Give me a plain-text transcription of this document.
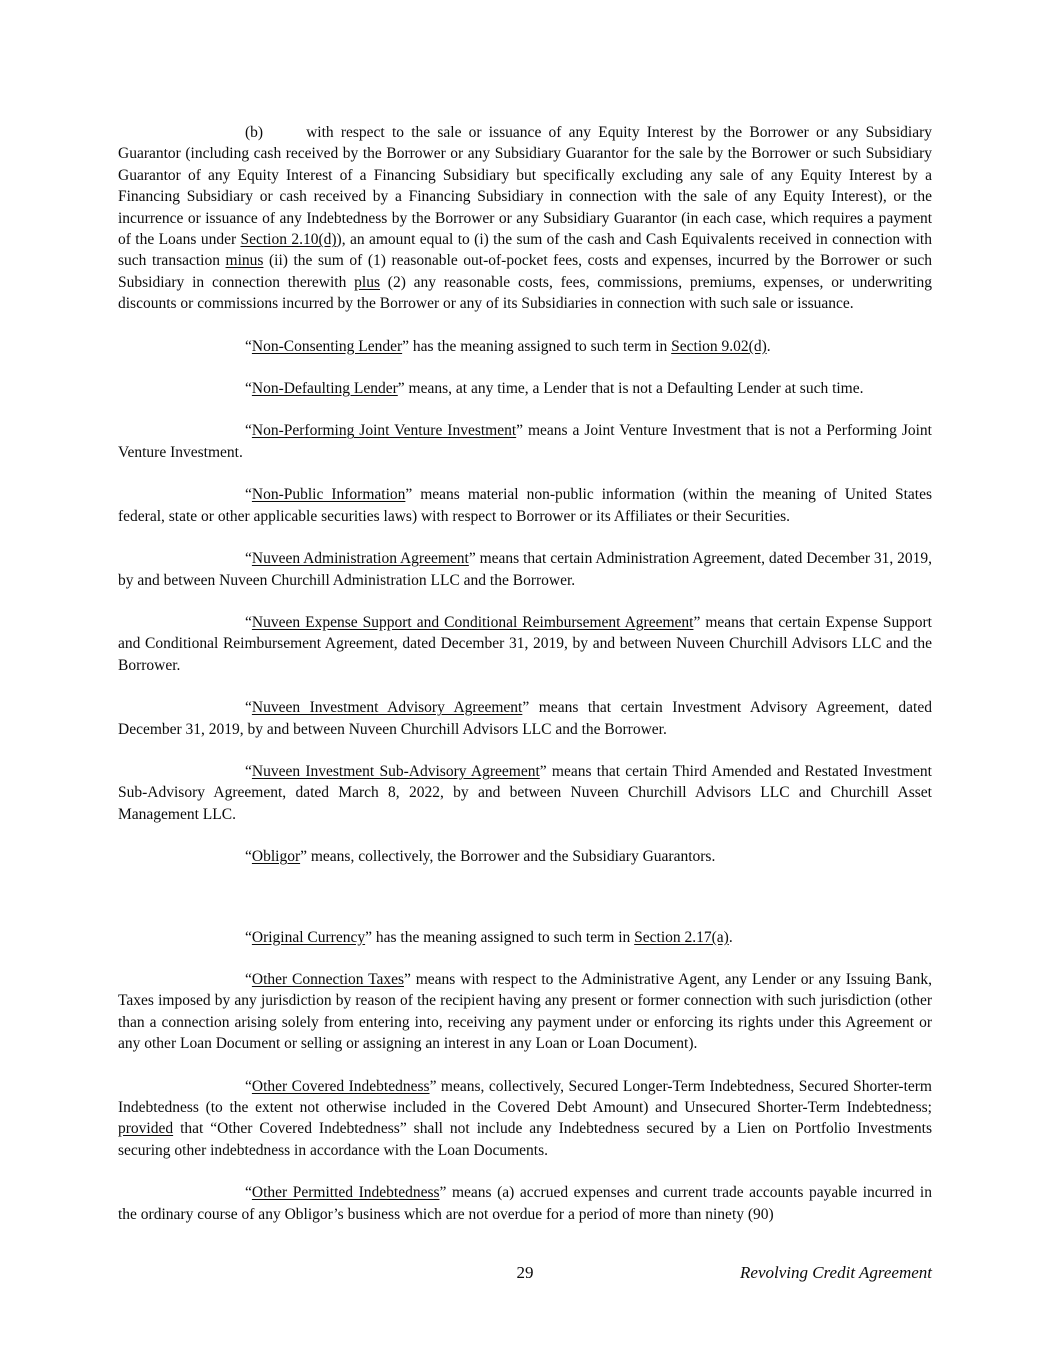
(b)	with respect to the sale or issuance of any Equity Interest by the Borrower or any Subsidiary Guarantor (including cash received by the Borrower or any Subsidiary Guarantor for the sale by the Borrower or such Subsidiary Guarantor of any Equity Interest of a Financing Subsidiary but specifically excluding any sale of any Equity Interest by a Financing Subsidiary or cash received by a Financing Subsidiary in connection with the sale of any Equity Interest), or the incurrence or issuance of any Indebtedness by the Borrower or any Subsidiary Guarantor (in each case, which requires a payment of the Loans under Section 2.10(d)), an amount equal to (i) the sum of the cash and Cash Equivalents received in connection with such transaction minus (ii) the sum of (1) reasonable out-of-pocket fees, costs and expenses, incurred by the Borrower or such Subsidiary in connection therewith plus (2) any reasonable costs, fees, commissions, premiums, expenses, or underwriting discounts or commissions incurred by the Borrower or any of its Subsidiaries in connection with such sale or issuance.

“Non-Consenting Lender” has the meaning assigned to such term in Section 9.02(d).

“Non-Defaulting Lender” means, at any time, a Lender that is not a Defaulting Lender at such time.

“Non-Performing Joint Venture Investment” means a Joint Venture Investment that is not a Performing Joint Venture Investment.

“Non-Public Information” means material non-public information (within the meaning of United States federal, state or other applicable securities laws) with respect to Borrower or its Affiliates or their Securities.

“Nuveen Administration Agreement” means that certain Administration Agreement, dated December 31, 2019, by and between Nuveen Churchill Administration LLC and the Borrower.

“Nuveen Expense Support and Conditional Reimbursement Agreement” means that certain Expense Support and Conditional Reimbursement Agreement, dated December 31, 2019, by and between Nuveen Churchill Advisors LLC and the Borrower.

“Nuveen Investment Advisory Agreement” means that certain Investment Advisory Agreement, dated December 31, 2019, by and between Nuveen Churchill Advisors LLC and the Borrower.

“Nuveen Investment Sub-Advisory Agreement” means that certain Third Amended and Restated Investment Sub-Advisory Agreement, dated March 8, 2022, by and between Nuveen Churchill Advisors LLC and Churchill Asset Management LLC.

“Obligor” means, collectively, the Borrower and the Subsidiary Guarantors.

“Original Currency” has the meaning assigned to such term in Section 2.17(a).

“Other Connection Taxes” means with respect to the Administrative Agent, any Lender or any Issuing Bank, Taxes imposed by any jurisdiction by reason of the recipient having any present or former connection with such jurisdiction (other than a connection arising solely from entering into, receiving any payment under or enforcing its rights under this Agreement or any other Loan Document or selling or assigning an interest in any Loan or Loan Document).

“Other Covered Indebtedness” means, collectively, Secured Longer-Term Indebtedness, Secured Shorter-term Indebtedness (to the extent not otherwise included in the Covered Debt Amount) and Unsecured Shorter-Term Indebtedness; provided that “Other Covered Indebtedness” shall not include any Indebtedness secured by a Lien on Portfolio Investments securing other indebtedness in accordance with the Loan Documents.

“Other Permitted Indebtedness” means (a) accrued expenses and current trade accounts payable incurred in the ordinary course of any Obligor’s business which are not overdue for a period of more than ninety (90)

29	Revolving Credit Agreement
